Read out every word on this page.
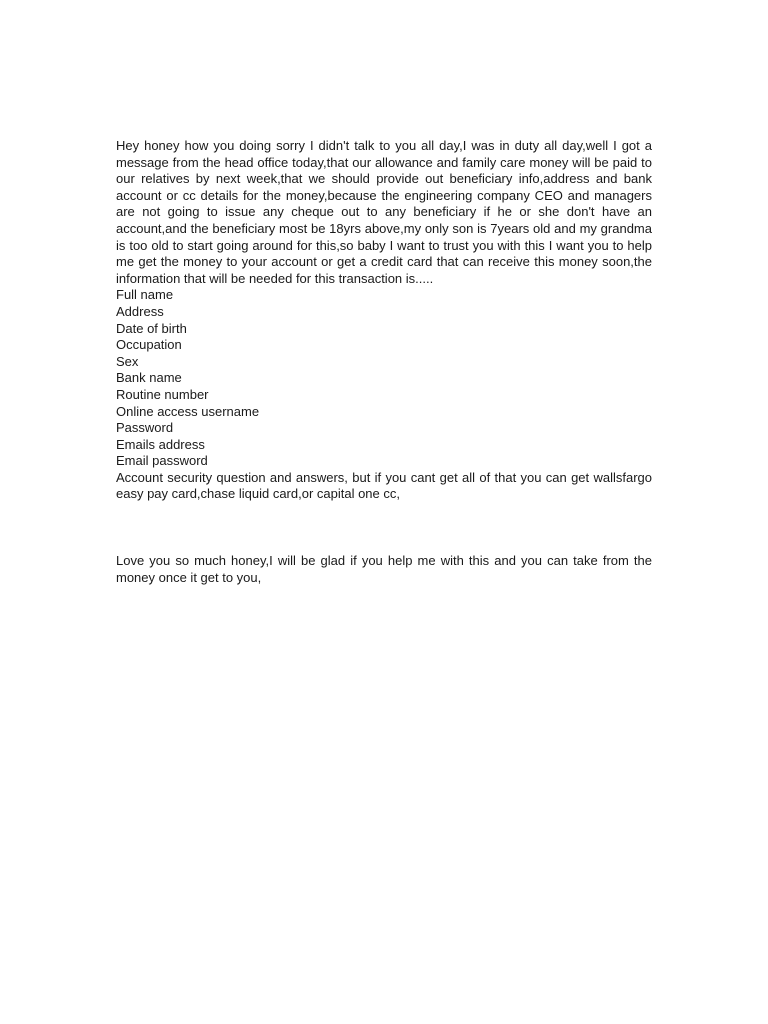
Hey honey how you doing sorry I didn't talk to you all day,I was in duty all day,well I got a message from the head office today,that our allowance and family care money will be paid to our relatives by next week,that we should provide out beneficiary info,address and bank account or cc details for the money,because the engineering company CEO and managers are not going to issue any cheque out to any beneficiary if he or she don't have an account,and the beneficiary most be 18yrs above,my only son is 7years old and my grandma is too old to start going around for this,so baby I want to trust you with this I want you to help me get the money to your account or get a credit card that can receive this money soon,the information that will be needed for this transaction is.....

Full name
Address
Date of birth
Occupation
Sex
Bank name
Routine number
Online access username
Password
Emails address
Email password

Account security question and answers, but if you cant get all of that you can get wallsfargo easy pay card,chase liquid card,or capital one cc,

Love you so much honey,I will be glad if you help me with this and you can take from the money once it get to you,
